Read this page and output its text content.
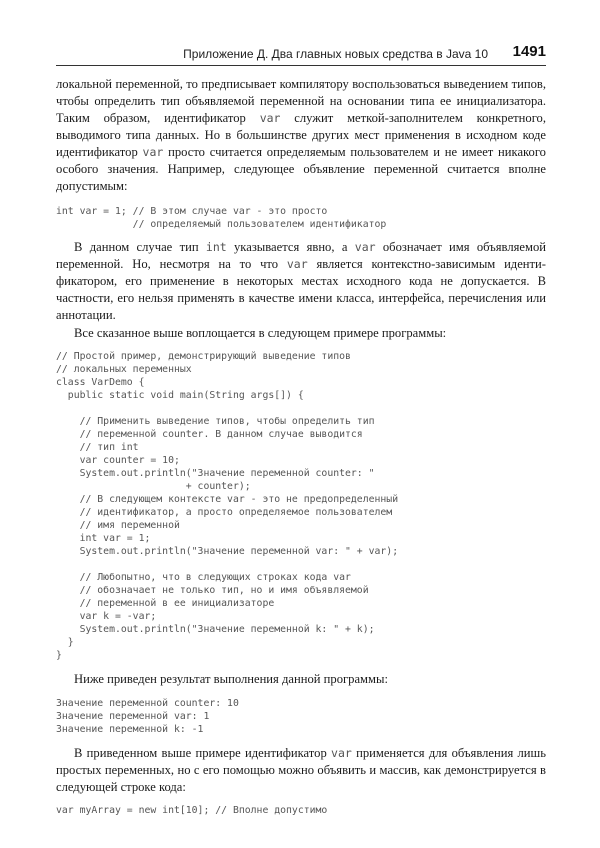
Приложение Д. Два главных новых средства в Java 10 1491

локальной переменной, то предписывает компилятору воспользоваться выведением типов, чтобы определить тип объявляемой переменной на основании типа ее инициализатора. Таким образом, идентификатор var служит меткой-заполнителем конкретного, выводимого типа данных. Но в большинстве других мест применения в исходном коде идентификатор var просто считается определяемым пользователем и не имеет никакого особого значения. Например, следующее объявление переменной считается вполне допустимым:

int var = 1; // В этом случае var - это просто
// определяемый пользователем идентификатор

В данном случае тип int указывается явно, а var обозначает имя объявляемой переменной. Но, несмотря на то что var является контекстно-зависимым идентификатором, его применение в некоторых местах исходного кода не допускается. В частности, его нельзя применять в качестве имени класса, интерфейса, перечисления или аннотации.

Все сказанное выше воплощается в следующем примере программы:

// Простой пример, демонстрирующий выведение типов
// локальных переменных
class VarDemo {
public static void main(String args[]) {

// Применить выведение типов, чтобы определить тип
// переменной counter. В данном случае выводится
// тип int
var counter = 10;
System.out.println("Значение переменной counter: "
+ counter);
// В следующем контексте var - это не предопределенный
// идентификатор, а просто определяемое пользователем
// имя переменной
int var = 1;
System.out.println("Значение переменной var: " + var);

// Любопытно, что в следующих строках кода var
// обозначает не только тип, но и имя объявляемой
// переменной в ее инициализаторе
var k = -var;
System.out.println("Значение переменной k: " + k);
}
}

Ниже приведен результат выполнения данной программы:

Значение переменной counter: 10
Значение переменной var: 1
Значение переменной k: -1

В приведенном выше примере идентификатор var применяется для объявления лишь простых переменных, но с его помощью можно объявить и массив, как демонстрируется в следующей строке кода:

var myArray = new int[10]; // Вполне допустимо
